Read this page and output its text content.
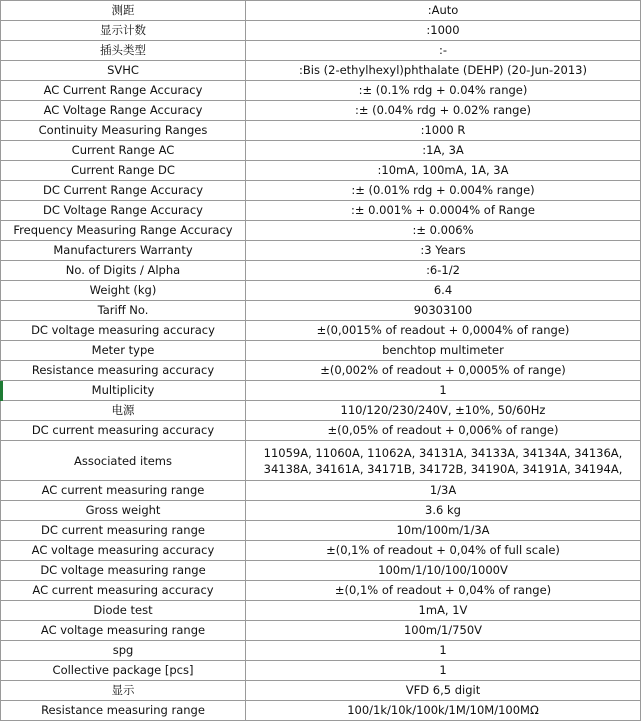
测距	:Auto
显示计数	:1000
插头类型	:-
SVHC	:Bis (2-ethylhexyl)phthalate (DEHP) (20-Jun-2013)
AC Current Range Accuracy	:± (0.1% rdg + 0.04% range)
AC Voltage Range Accuracy	:± (0.04% rdg + 0.02% range)
Continuity Measuring Ranges	:1000 R
Current Range AC	:1A, 3A
Current Range DC	:10mA, 100mA, 1A, 3A
DC Current Range Accuracy	:± (0.01% rdg + 0.004% range)
DC Voltage Range Accuracy	:± 0.001% + 0.0004% of Range
Frequency Measuring Range Accuracy	:± 0.006%
Manufacturers Warranty	:3 Years
No. of Digits / Alpha	:6-1/2
Weight (kg)	6.4
Tariff No.	90303100
DC voltage measuring accuracy	±(0,0015% of readout + 0,0004% of range)
Meter type	benchtop multimeter
Resistance measuring accuracy	±(0,002% of readout + 0,0005% of range)
Multiplicity	1
电源	110/120/230/240V, ±10%, 50/60Hz
DC current measuring accuracy	±(0,05% of readout + 0,006% of range)
Associated items	11059A, 11060A, 11062A, 34131A, 34133A, 34134A, 34136A, 34138A, 34161A, 34171B, 34172B, 34190A, 34191A, 34194A,
AC current measuring range	1/3A
Gross weight	3.6 kg
DC current measuring range	10m/100m/1/3A
AC voltage measuring accuracy	±(0,1% of readout + 0,04% of full scale)
DC voltage measuring range	100m/1/10/100/1000V
AC current measuring accuracy	±(0,1% of readout + 0,04% of range)
Diode test	1mA, 1V
AC voltage measuring range	100m/1/750V
spg	1
Collective package [pcs]	1
显示	VFD 6,5 digit
Resistance measuring range	100/1k/10k/100k/1M/10M/100MΩ
